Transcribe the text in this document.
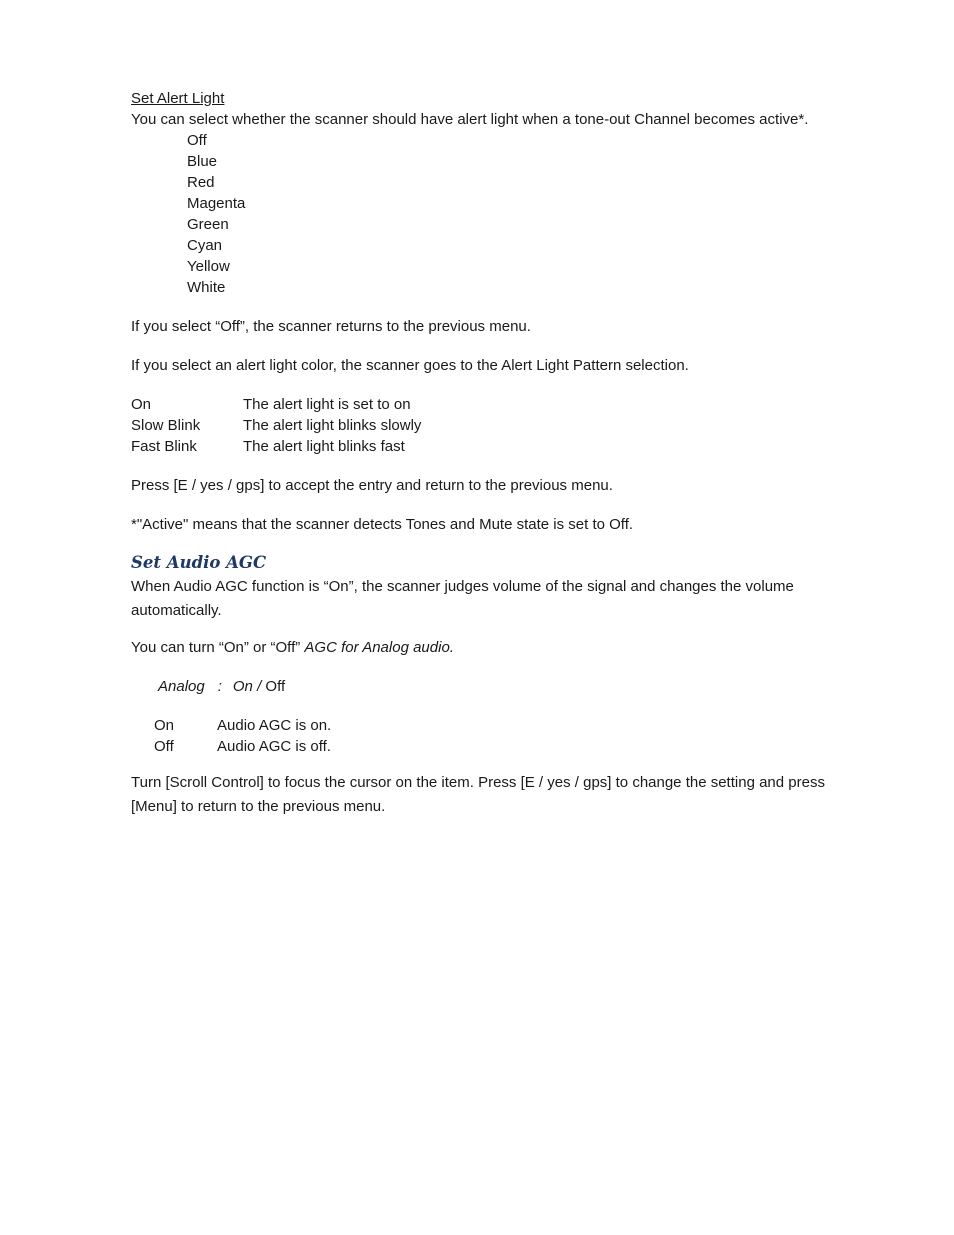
Set Alert Light
You can select whether the scanner should have alert light when a tone-out Channel becomes active*.
Off
Blue
Red
Magenta
Green
Cyan
Yellow
White
If you select “Off”, the scanner returns to the previous menu.
If you select an alert light color, the scanner goes to the Alert Light Pattern selection.
On	The alert light is set to on
Slow Blink	The alert light blinks slowly
Fast Blink	The alert light blinks fast
Press [E / yes / gps] to accept the entry and return to the previous menu.
*"Active" means that the scanner detects Tones and Mute state is set to Off.
Set Audio AGC
When Audio AGC function is “On”, the scanner judges volume of the signal and changes the volume automatically.
You can turn “On” or “Off” AGC for Analog audio.
Analog : On / Off
On	Audio AGC is on.
Off	Audio AGC is off.
Turn [Scroll Control] to focus the cursor on the item. Press [E / yes / gps] to change the setting and press [Menu] to return to the previous menu.
